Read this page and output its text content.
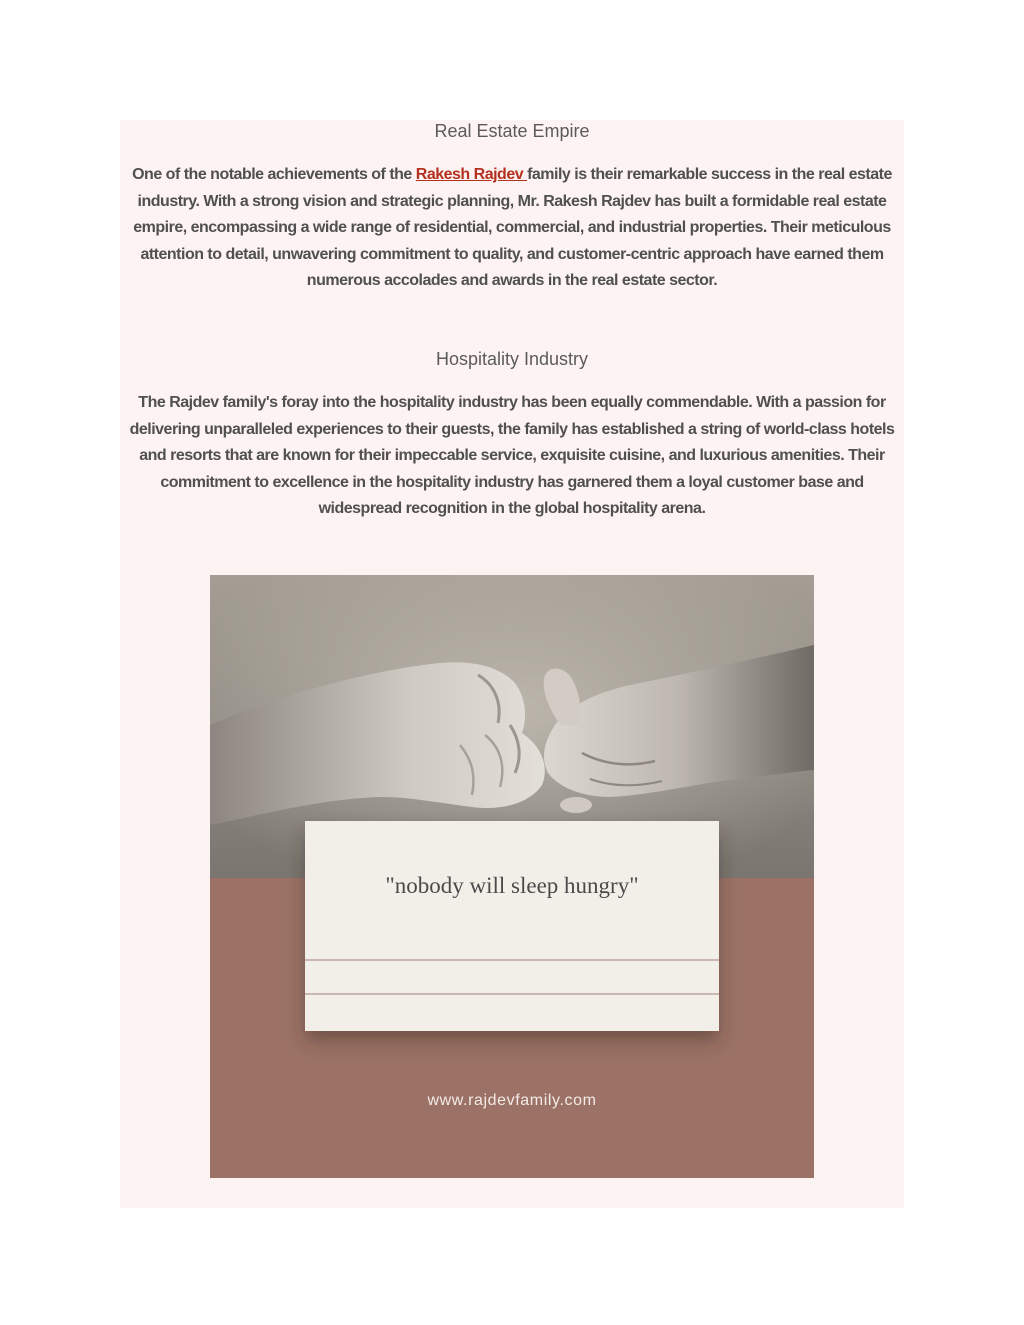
Real Estate Empire

One of the notable achievements of the Rakesh Rajdev family is their remarkable success in the real estate industry. With a strong vision and strategic planning, Mr. Rakesh Rajdev has built a formidable real estate empire, encompassing a wide range of residential, commercial, and industrial properties. Their meticulous attention to detail, unwavering commitment to quality, and customer-centric approach have earned them numerous accolades and awards in the real estate sector.

Hospitality Industry

The Rajdev family's foray into the hospitality industry has been equally commendable. With a passion for delivering unparalleled experiences to their guests, the family has established a string of world-class hotels and resorts that are known for their impeccable service, exquisite cuisine, and luxurious amenities. Their commitment to excellence in the hospitality industry has garnered them a loyal customer base and widespread recognition in the global hospitality arena.

"nobody will sleep hungry"
www.rajdevfamily.com
